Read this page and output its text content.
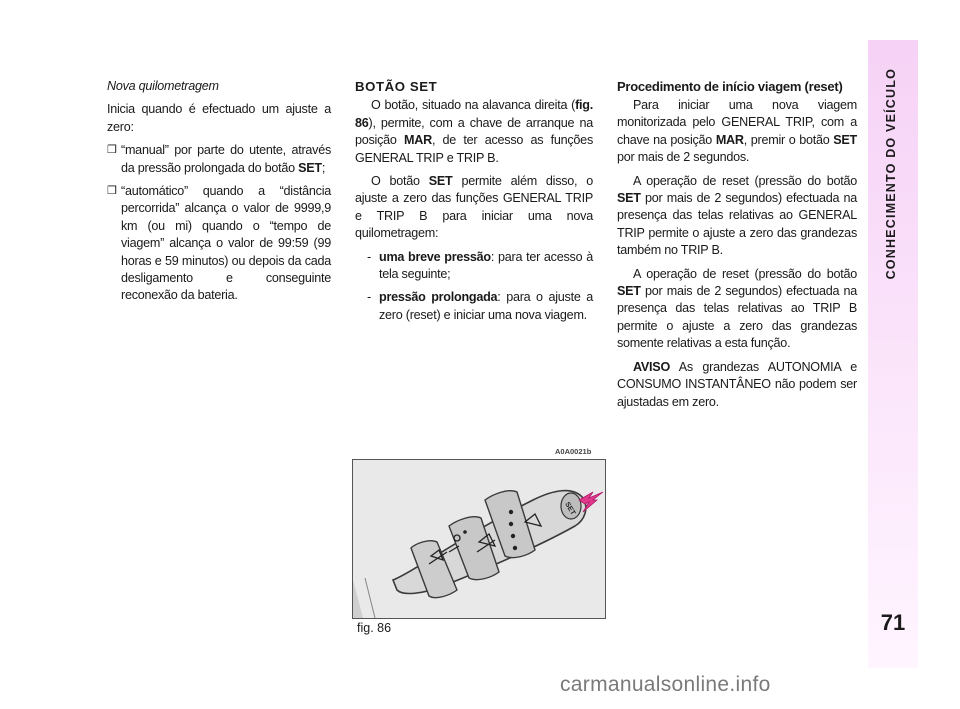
Nova quilometragem

Inicia quando é efectuado um ajuste a zero:

❒ “manual” por parte do utente, através da pressão prolongada do botão SET;
❒ “automático” quando a “distância percorrida” alcança o valor de 9999,9 km (ou mi) quando o “tempo de viagem” alcança o valor de 99:59 (99 horas e 59 minutos) ou depois da cada desligamento e conseguinte reconexão da bateria.
BOTÃO SET

O botão, situado na alavanca direita (fig. 86), permite, com a chave de arranque na posição MAR, de ter acesso as funções GENERAL TRIP e TRIP B.

O botão SET permite além disso, o ajuste a zero das funções GENERAL TRIP e TRIP B para iniciar uma nova quilometragem:

- uma breve pressão: para ter acesso à tela seguinte;
- pressão prolongada: para o ajuste a zero (reset) e iniciar uma nova viagem.
Procedimento de início viagem (reset)

Para iniciar uma nova viagem monitorizada pelo GENERAL TRIP, com a chave na posição MAR, premir o botão SET por mais de 2 segundos.

A operação de reset (pressão do botão SET por mais de 2 segundos) efectuada na presença das telas relativas ao GENERAL TRIP permite o ajuste a zero das grandezas também no TRIP B.

A operação de reset (pressão do botão SET por mais de 2 segundos) efectuada na presença das telas relativas ao TRIP B permite o ajuste a zero das grandezas somente relativas a esta função.

AVISO As grandezas AUTONOMIA e CONSUMO INSTANTÂNEO não podem ser ajustadas em zero.

A0A0021b
SET
fig. 86
CONHECIMENTO DO VEÍCULO
71
carmanualsonline.info
